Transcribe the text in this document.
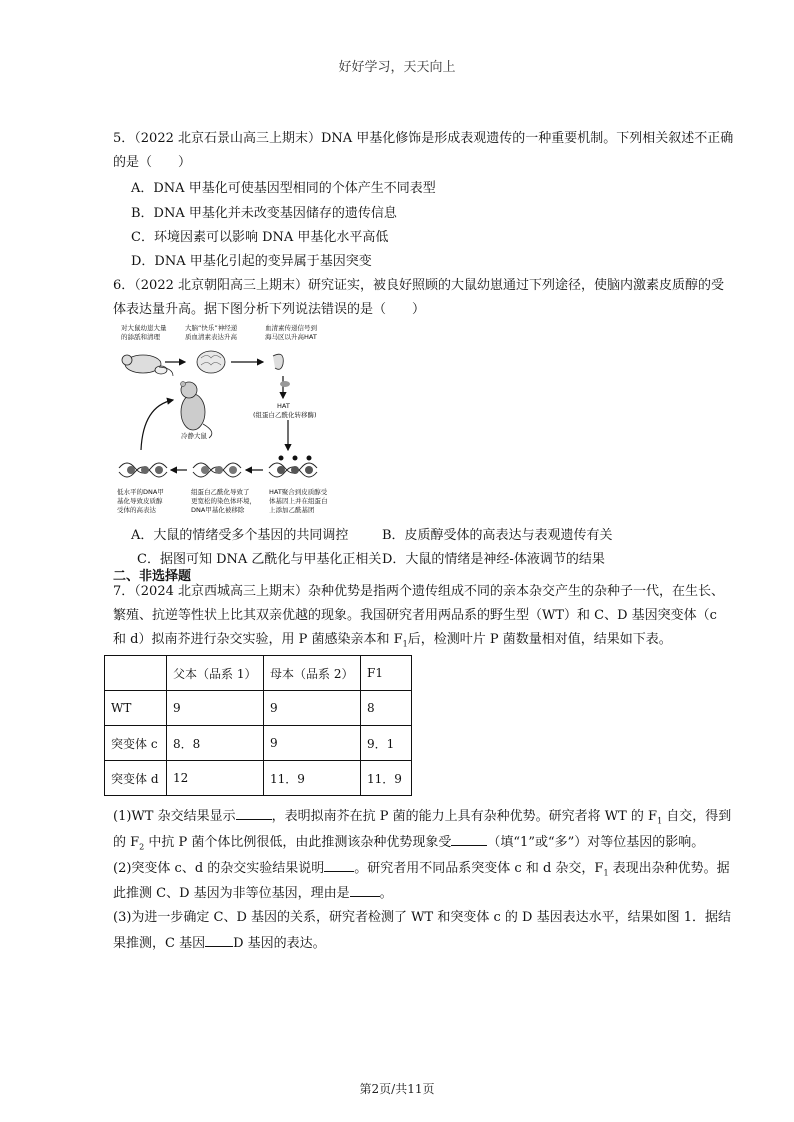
好好学习，天天向上
5．（2022 北京石景山高三上期末）DNA 甲基化修饰是形成表观遗传的一种重要机制。下列相关叙述不正确
的是（　　）
A．DNA 甲基化可使基因型相同的个体产生不同表型
B．DNA 甲基化并未改变基因储存的遗传信息
C．环境因素可以影响 DNA 甲基化水平高低
D．DNA 甲基化引起的变异属于基因突变
6．（2022 北京朝阳高三上期末）研究证实，被良好照顾的大鼠幼崽通过下列途径，使脑内激素皮质醇的受
体表达量升高。据下图分析下列说法错误的是（　　）
对大鼠幼崽大量
的舔舐和清理
大脑“快乐”神经递
质血清素表达升高
血清素传递信号到
海马区以升高HAT
HAT
(组蛋白乙酰化转移酶)
冷静大鼠
低水平的DNA甲
基化导致皮质醇
受体的高表达
组蛋白乙酰化导致了
更宽松的染色体环境，
DNA甲基化被移除
HAT聚合到皮质醇受
体基因上并在组蛋白
上添加乙酰基团
A．大鼠的情绪受多个基因的共同调控	B．皮质醇受体的高表达与表观遗传有关
C．据图可知 DNA 乙酰化与甲基化正相关 D．大鼠的情绪是神经-体液调节的结果
二、非选择题
7．（2024 北京西城高三上期末）杂种优势是指两个遗传组成不同的亲本杂交产生的杂种子一代，在生长、
繁殖、抗逆等性状上比其双亲优越的现象。我国研究者用两品系的野生型（WT）和 C、D 基因突变体（c
和 d）拟南芥进行杂交实验，用 P 菌感染亲本和 $F_1$后，检测叶片 P 菌数量相对值，结果如下表。
	父本（品系 1）	母本（品系 2）	F1
WT	9	9	8
突变体 c	8．8	9	9．1
突变体 d	12	11．9	11．9
(1)WT 杂交结果显示	，表明拟南芥在抗 P 菌的能力上具有杂种优势。研究者将 WT 的 $F_1$ 自交，得到
的 $F_2$ 中抗 P 菌个体比例很低，由此推测该杂种优势现象受	（填“1”或“多”）对等位基因的影响。
(2)突变体 c、d 的杂交实验结果说明 。研究者用不同品系突变体 c 和 d 杂交，$F_1$ 表现出杂种优势。据
此推测 C、D 基因为非等位基因，理由是 。
(3)为进一步确定 C、D 基因的关系，研究者检测了 WT 和突变体 c 的 D 基因表达水平，结果如图 1．据结
果推测，C 基因 D 基因的表达。
第2页/共11页
